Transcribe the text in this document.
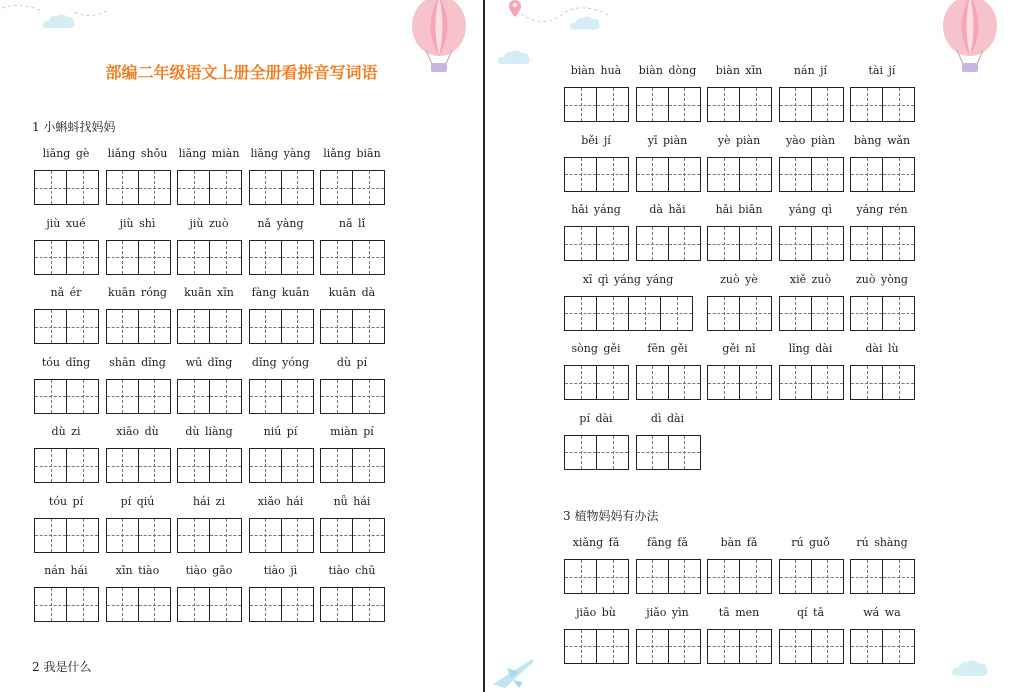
部编二年级语文上册全册看拼音写词语
1 小蝌蚪找妈妈
liǎng gè	liǎng shǒu	liǎng miàn	liǎng yàng	liǎng biān
jiù xué	jiù shì	jiù zuò	nǎ yàng	nǎ lǐ
nǎ ér	kuān róng	kuān xīn	fàng kuān	kuān dà
tóu dǐng	shān dǐng	wū dǐng	dǐng yóng	dù pí
dù zi	xiāo dù	dù liàng	niú pí	miàn pí
tóu pí	pí qiú	hái zi	xiǎo hái	nǚ hái
nán hái	xīn tiào	tiào gāo	tiào jì	tiào chū
2 我是什么
biàn huà	biàn dòng	biàn xīn	nán jí	tài jí
běi jí	yī piàn	yè piàn	yào piàn	bàng wǎn
hǎi yáng	dà hǎi	hǎi biān	yáng qì	yáng rén
xī qì yáng yáng	zuò yè	xiě zuò	zuò yòng
sòng gěi	fēn gěi	gěi nǐ	lǐng dài	dài lù
pí dài	dì dài
3 植物妈妈有办法
xiǎng fǎ	fāng fǎ	bàn fǎ	rú guǒ	rú shàng
jiǎo bù	jiǎo yìn	tā men	qí tā	wá wa
